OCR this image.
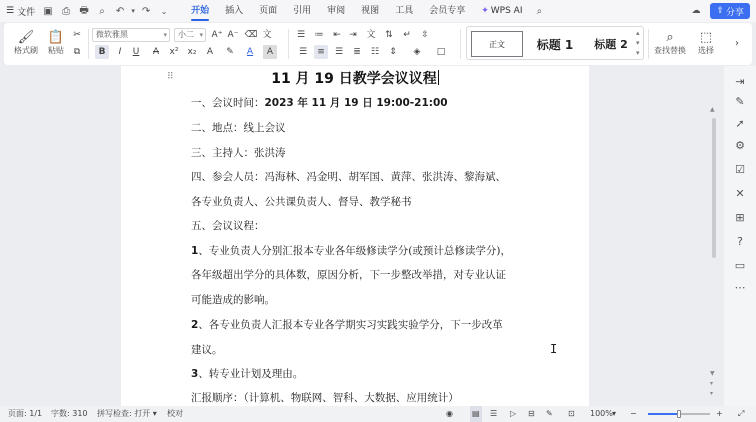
☰ 文件 ▣ ⎙ 🖶	⌕	↶	▾ ↷	⌄	开始	插入	页面	引用	审阅	视图	工具	会员专享	✦ WPS AI	⌕	☁	⇪ 分享
🖌
格式刷
📋
粘贴
✂
⧉
微软雅黑 ▾	小二 ▾	A⁺ A⁻ ⌫ 文
B	I	U	A	x² x₂	A	✎	A	A
☰	≔	⇤ ⇥	文	⇅	↵	⇳
☰	≡	☰	≣	☷	⇕	◈	□
正文	标题 1	标题 2
▴
▾
▾
⌕
查找替换
⬚
选择
›
11 月 19 日教学会议议程
一、会议时间：2023 年 11 月 19 日 19:00-21:00
二、地点：线上会议
三、主持人：张洪涛
四、参会人员：冯海林、冯金明、胡军国、黄萍、张洪涛、黎海斌、
各专业负责人、公共课负责人、督导、教学秘书
五、会议议程：
1、专业负责人分别汇报本专业各年级修读学分(或预计总修读学分)，
各年级超出学分的具体数，原因分析，下一步整改举措，对专业认证
可能造成的影响。
2、各专业负责人汇报本专业各学期实习实践实验学分，下一步改革
建议。
3、转专业计划及理由。
汇报顺序：（计算机、物联网、智科、大数据、应用统计）
⠿
I
▲
▼
▾
▾
⇥
✎
➚
⚙
☑
✕
⊞
?
▭
⋯
页面: 1/1 字数: 310 拼写检查: 打开 ▾ 校对	◉ ▤ ☰ ▷ ⊟ ✎ ⊡ 100% ▾ −	+ ⤢
